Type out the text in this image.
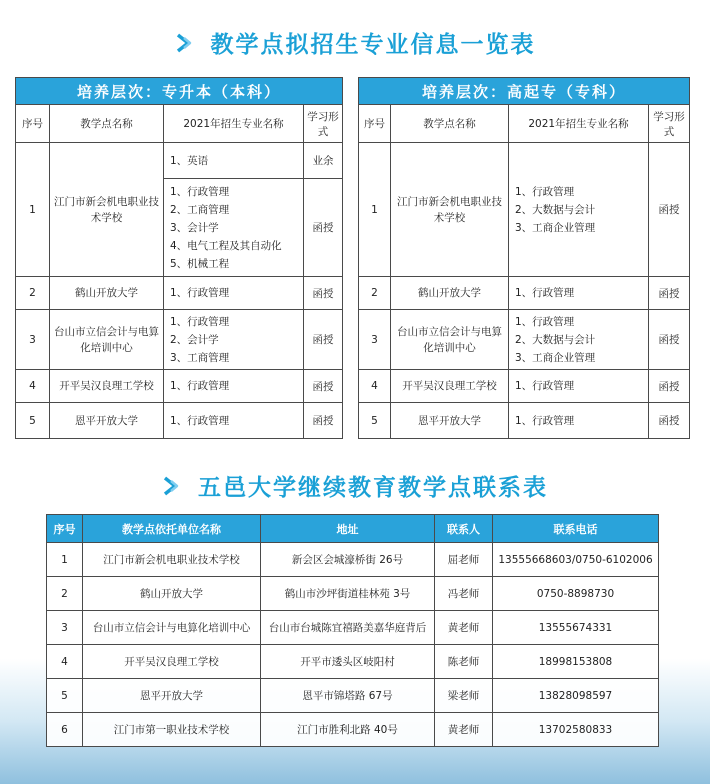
教学点拟招生专业信息一览表
培养层次：专升本（本科）			
序号	教学点名称	2021年招生专业名称	学习形式
1	江门市新会机电职业技术学校	1、英语	业余

		1、行政管理
2、工商管理
3、会计学
4、电气工程及其自动化
5、机械工程	函授
2	鹤山开放大学	1、行政管理	函授
3	台山市立信会计与电算化培训中心	1、行政管理
2、会计学
3、工商管理	函授
4	开平吴汉良理工学校	1、行政管理	函授
5	恩平开放大学	1、行政管理	函授
培养层次：高起专（专科）			
序号	教学点名称	2021年招生专业名称	学习形式
1	江门市新会机电职业技术学校	1、行政管理
2、大数据与会计
3、工商企业管理	函授
2	鹤山开放大学	1、行政管理	函授
3	台山市立信会计与电算化培训中心	1、行政管理
2、大数据与会计
3、工商企业管理	函授
4	开平吴汉良理工学校	1、行政管理	函授
5	恩平开放大学	1、行政管理	函授
五邑大学继续教育教学点联系表
序号	教学点依托单位名称	地址	联系人	联系电话
1	江门市新会机电职业技术学校	新会区会城濠桥街 26号	屈老师	13555668603/0750-6102006
2	鹤山开放大学	鹤山市沙坪街道桂林苑 3号	冯老师	0750-8898730
3	台山市立信会计与电算化培训中心	台山市台城陈宜禧路美嘉华庭背后	黄老师	13555674331
4	开平吴汉良理工学校	开平市逶头区岐阳村	陈老师	18998153808
5	恩平开放大学	恩平市锦塔路 67号	梁老师	13828098597
6	江门市第一职业技术学校	江门市胜利北路 40号	黄老师	13702580833
